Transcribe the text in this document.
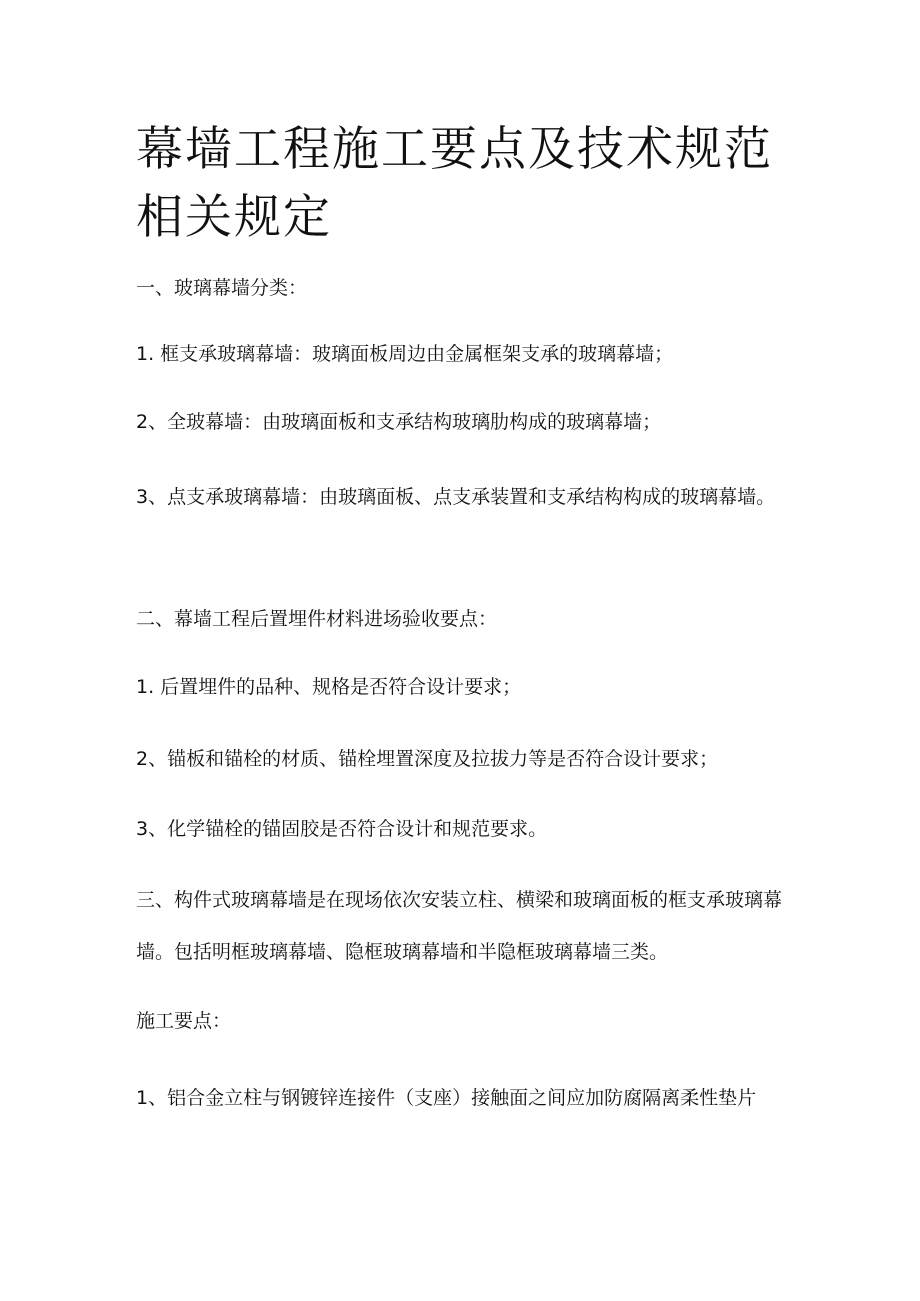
幕墙工程施工要点及技术规范相关规定

一、玻璃幕墙分类：

1. 框支承玻璃幕墙：玻璃面板周边由金属框架支承的玻璃幕墙；

2、全玻幕墙：由玻璃面板和支承结构玻璃肋构成的玻璃幕墙；

3、点支承玻璃幕墙：由玻璃面板、点支承装置和支承结构构成的玻璃幕墙。

二、幕墙工程后置埋件材料进场验收要点：

1. 后置埋件的品种、规格是否符合设计要求；

2、锚板和锚栓的材质、锚栓埋置深度及拉拔力等是否符合设计要求；

3、化学锚栓的锚固胶是否符合设计和规范要求。

三、构件式玻璃幕墙是在现场依次安装立柱、横梁和玻璃面板的框支承玻璃幕墙。包括明框玻璃幕墙、隐框玻璃幕墙和半隐框玻璃幕墙三类。

施工要点：

1、铝合金立柱与钢镀锌连接件（支座）接触面之间应加防腐隔离柔性垫片
